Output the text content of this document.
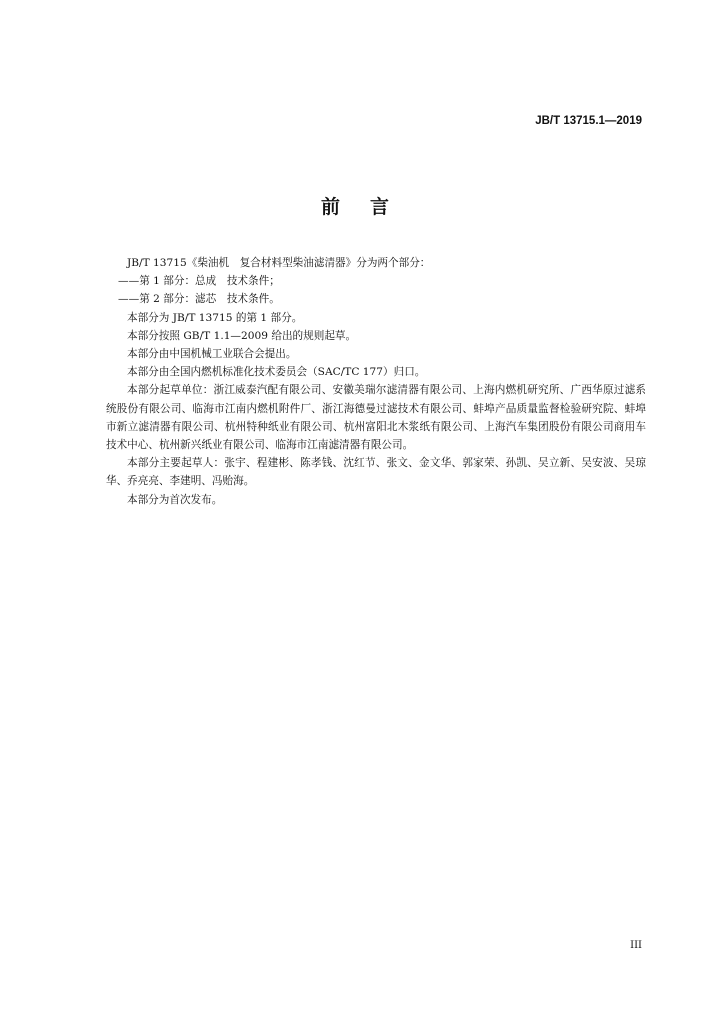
JB/T 13715.1—2019
前言

JB/T 13715《柴油机　复合材料型柴油滤清器》分为两个部分：

——第 1 部分：总成　技术条件；

——第 2 部分：滤芯　技术条件。

本部分为 JB/T 13715 的第 1 部分。

本部分按照 GB/T 1.1—2009 给出的规则起草。

本部分由中国机械工业联合会提出。

本部分由全国内燃机标准化技术委员会（SAC/TC 177）归口。

本部分起草单位：浙江威泰汽配有限公司、安徽美瑞尔滤清器有限公司、上海内燃机研究所、广西华原过滤系统股份有限公司、临海市江南内燃机附件厂、浙江海德曼过滤技术有限公司、蚌埠产品质量监督检验研究院、蚌埠市新立滤清器有限公司、杭州特种纸业有限公司、杭州富阳北木浆纸有限公司、上海汽车集团股份有限公司商用车技术中心、杭州新兴纸业有限公司、临海市江南滤清器有限公司。

本部分主要起草人：张宇、程建彬、陈孝钱、沈红节、张文、金文华、郭家荣、孙凯、吴立新、吴安波、吴琼华、乔亮亮、李建明、冯贻海。

本部分为首次发布。

III
